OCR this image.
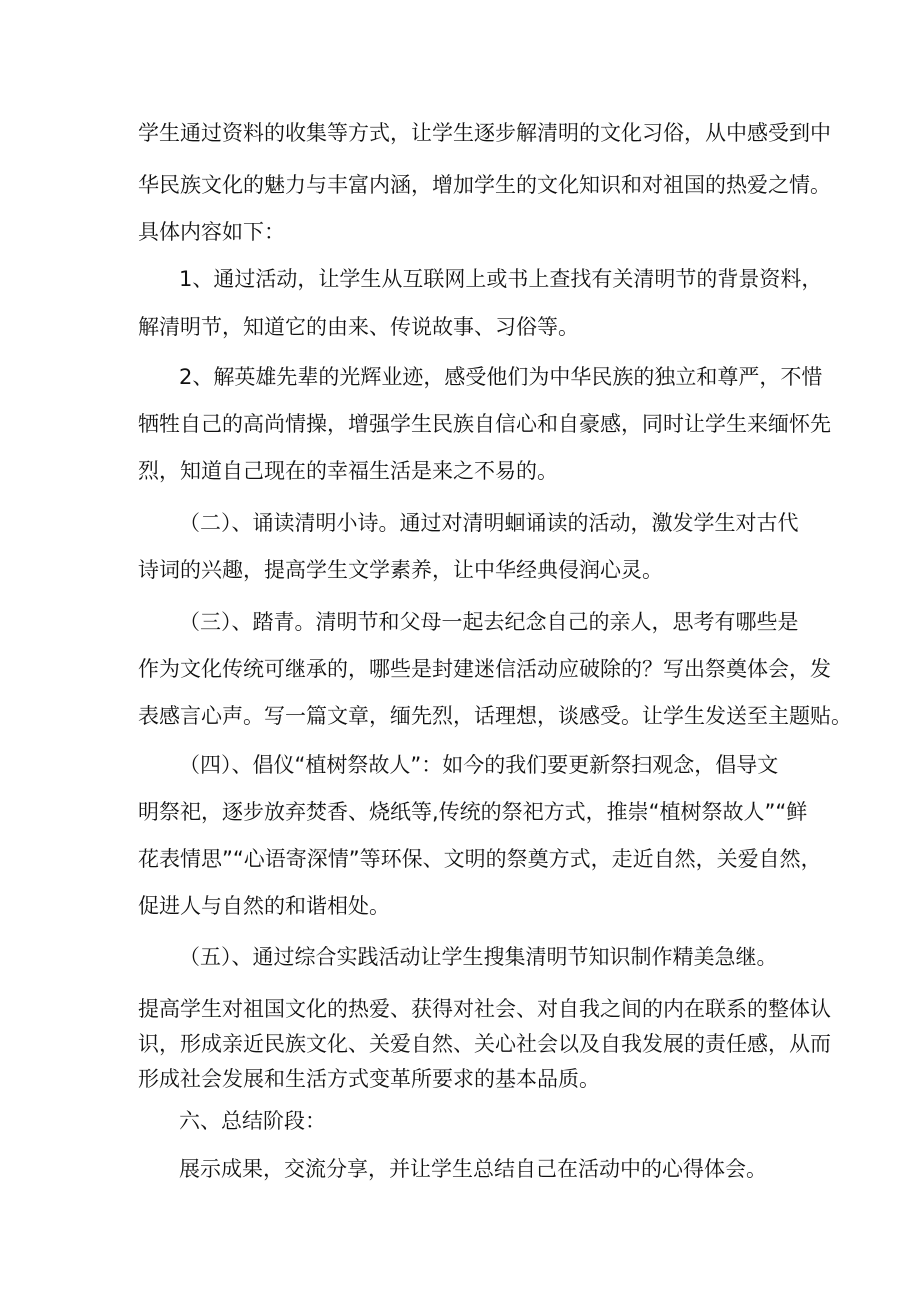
学生通过资料的收集等方式，让学生逐步解清明的文化习俗，从中感受到中
华民族文化的魅力与丰富内涵，增加学生的文化知识和对祖国的热爱之情。
具体内容如下：
1、通过活动，让学生从互联网上或书上查找有关清明节的背景资料，
解清明节，知道它的由来、传说故事、习俗等。
2、解英雄先辈的光辉业迹，感受他们为中华民族的独立和尊严，不惜
牺牲自己的高尚情操，增强学生民族自信心和自豪感，同时让学生来缅怀先
烈，知道自己现在的幸福生活是来之不易的。
（二）、诵读清明小诗。通过对清明蛔诵读的活动，激发学生对古代
诗词的兴趣，提高学生文学素养，让中华经典侵润心灵。
（三）、踏青。清明节和父母一起去纪念自己的亲人，思考有哪些是
作为文化传统可继承的，哪些是封建迷信活动应破除的？写出祭奠体会，发
表感言心声。写一篇文章，缅先烈，话理想，谈感受。让学生发送至主题贴。
（四）、倡仪“植树祭故人”：如今的我们要更新祭扫观念，倡导文
明祭祀，逐步放弃焚香、烧纸等,传统的祭祀方式，推崇“植树祭故人”“鲜
花表情思”“心语寄深情”等环保、文明的祭奠方式，走近自然，关爱自然，
促进人与自然的和谐相处。
（五）、通过综合实践活动让学生搜集清明节知识制作精美急继。
提高学生对祖国文化的热爱、获得对社会、对自我之间的内在联系的整体认
识，形成亲近民族文化、关爱自然、关心社会以及自我发展的责任感，从而
形成社会发展和生活方式变革所要求的基本品质。
六、总结阶段：
展示成果，交流分享，并让学生总结自己在活动中的心得体会。
